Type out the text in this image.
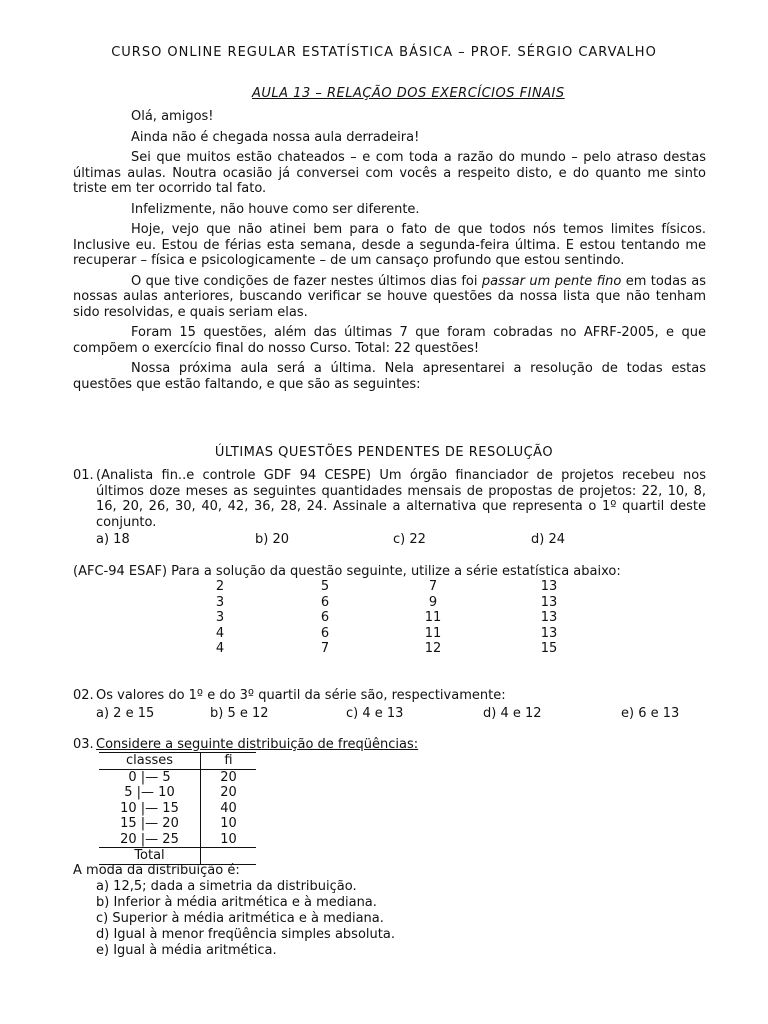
CURSO ONLINE REGULAR ESTATÍSTICA BÁSICA – PROF. SÉRGIO CARVALHO
AULA 13 – RELAÇÃO DOS EXERCÍCIOS FINAIS

Olá, amigos!

Ainda não é chegada nossa aula derradeira!

Sei que muitos estão chateados – e com toda a razão do mundo – pelo atraso destas últimas aulas. Noutra ocasião já conversei com vocês a respeito disto, e do quanto me sinto triste em ter ocorrido tal fato.

Infelizmente, não houve como ser diferente.

Hoje, vejo que não atinei bem para o fato de que todos nós temos limites físicos. Inclusive eu. Estou de férias esta semana, desde a segunda-feira última. E estou tentando me recuperar – física e psicologicamente – de um cansaço profundo que estou sentindo.

O que tive condições de fazer nestes últimos dias foi passar um pente fino em todas as nossas aulas anteriores, buscando verificar se houve questões da nossa lista que não tenham sido resolvidas, e quais seriam elas.

Foram 15 questões, além das últimas 7 que foram cobradas no AFRF-2005, e que compõem o exercício final do nosso Curso. Total: 22 questões!

Nossa próxima aula será a última. Nela apresentarei a resolução de todas estas questões que estão faltando, e que são as seguintes:

ÚLTIMAS QUESTÕES PENDENTES DE RESOLUÇÃO
01. (Analista fin..e controle GDF 94 CESPE) Um órgão financiador de projetos recebeu nos últimos doze meses as seguintes quantidades mensais de propostas de projetos: 22, 10, 8, 16, 20, 26, 30, 40, 42, 36, 28, 24. Assinale a alternativa que representa o 1º quartil deste conjunto.

a) 18	b) 20	c) 22	d) 24
(AFC-94 ESAF) Para a solução da questão seguinte, utilize a série estatística abaixo:
2	5	7	13
3	6	9	13
3	6	11	13
4	6	11	13
4	7	12	15
02. Os valores do 1º e do 3º quartil da série são, respectivamente:
a) 2 e 15	b) 5 e 12	c) 4 e 13	d) 4 e 12	e) 6 e 13
03. Considere a seguinte distribuição de freqüências:
classes	fi
0 |— 5	20
5 |— 10	20
10 |— 15	40
15 |— 20	10
20 |— 25	10
Total	
A moda da distribuição é:
a) 12,5; dada a simetria da distribuição.
b) Inferior à média aritmética e à mediana.
c) Superior à média aritmética e à mediana.
d) Igual à menor freqüência simples absoluta.
e) Igual à média aritmética.
